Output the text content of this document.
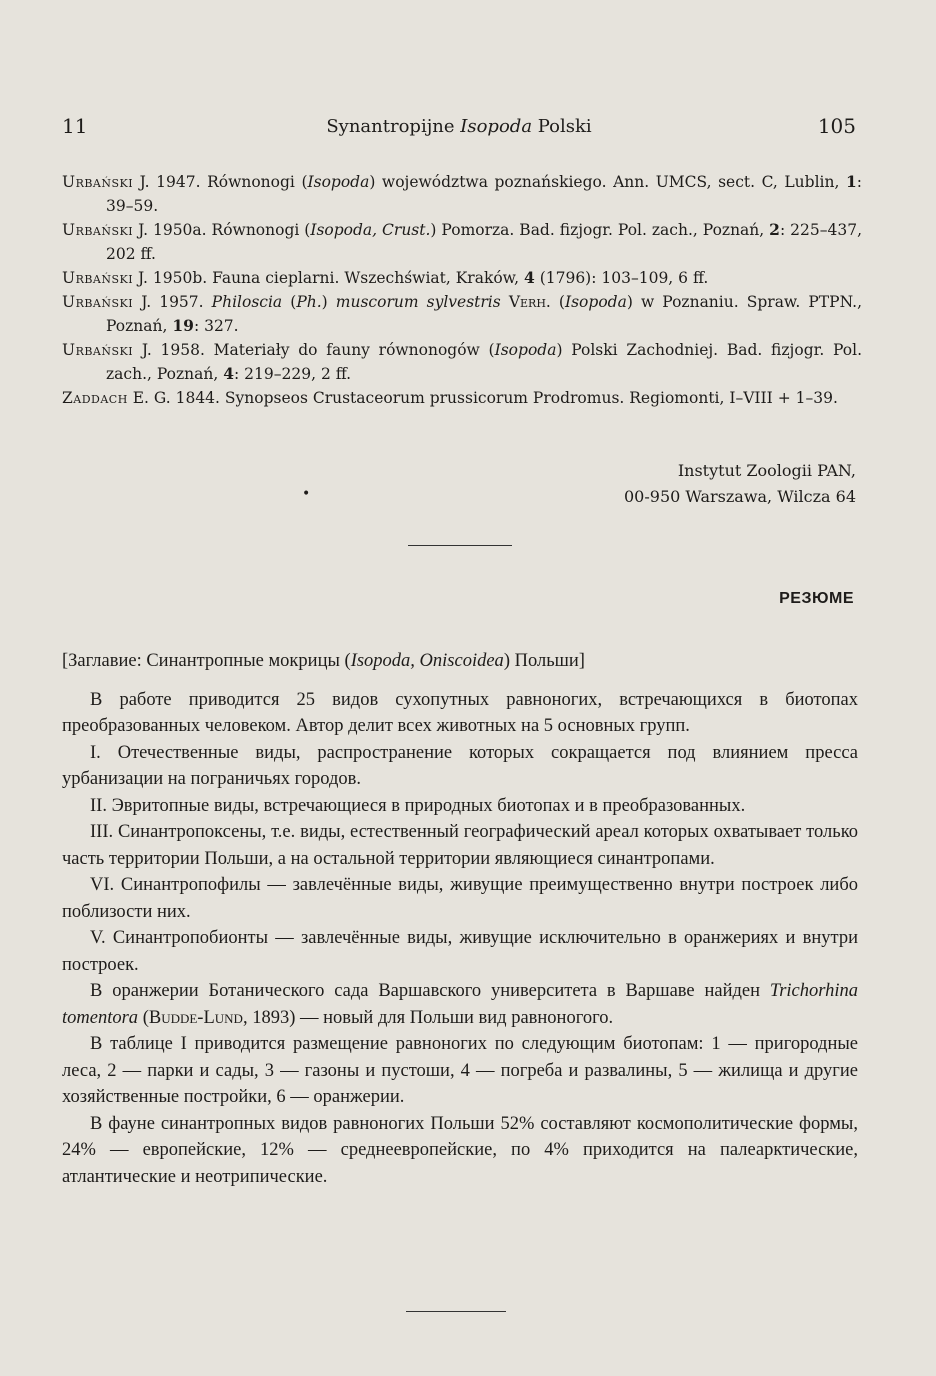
11	Synantropijne Isopoda Polski	105

Urbański J. 1947. Równonogi (Isopoda) województwa poznańskiego. Ann. UMCS, sect. C, Lublin, 1: 39–59.

Urbański J. 1950a. Równonogi (Isopoda, Crust.) Pomorza. Bad. fizjogr. Pol. zach., Poznań, 2: 225–437, 202 ff.

Urbański J. 1950b. Fauna cieplarni. Wszechświat, Kraków, 4 (1796): 103–109, 6 ff.

Urbański J. 1957. Philoscia (Ph.) muscorum sylvestris Verh. (Isopoda) w Poznaniu. Spraw. PTPN., Poznań, 19: 327.

Urbański J. 1958. Materiały do fauny równonogów (Isopoda) Polski Zachodniej. Bad. fizjogr. Pol. zach., Poznań, 4: 219–229, 2 ff.

Zaddach E. G. 1844. Synopseos Crustaceorum prussicorum Prodromus. Regiomonti, I–VIII + 1–39.

Instytut Zoologii PAN,
00-950 Warszawa, Wilcza 64
•
РЕЗЮМЕ

[Заглавие: Синантропные мокрицы (Isopoda, Oniscoidea) Польши]

В работе приводится 25 видов сухопутных равноногих, встречающихся в биотопах преобразованных человеком. Автор делит всех животных на 5 основных групп.

I. Отечественные виды, распространение которых сокращается под влиянием пресса урбанизации на пограничьях городов.

II. Эвритопные виды, встречающиеся в природных биотопах и в преобразованных.

III. Синантропоксены, т.е. виды, естественный географический ареал которых охватывает только часть территории Польши, а на остальной территории являющиеся синантропами.

VI. Синантропофилы — завлечённые виды, живущие преимущественно внутри построек либо поблизости них.

V. Синантропобионты — завлечённые виды, живущие исключительно в оранжериях и внутри построек.

В оранжерии Ботанического сада Варшавского университета в Варшаве найден Trichorhina tomentora (Budde-Lund, 1893) — новый для Польши вид равноногого.

В таблице I приводится размещение равноногих по следующим биотопам: 1 — пригородные леса, 2 — парки и сады, 3 — газоны и пустоши, 4 — погреба и развалины, 5 — жилища и другие хозяйственные постройки, 6 — оранжерии.

В фауне синантропных видов равноногих Польши 52% составляют космополитические формы, 24% — европейские, 12% — среднеевропейские, по 4% приходится на палеарктические, атлантические и неотрипические.
